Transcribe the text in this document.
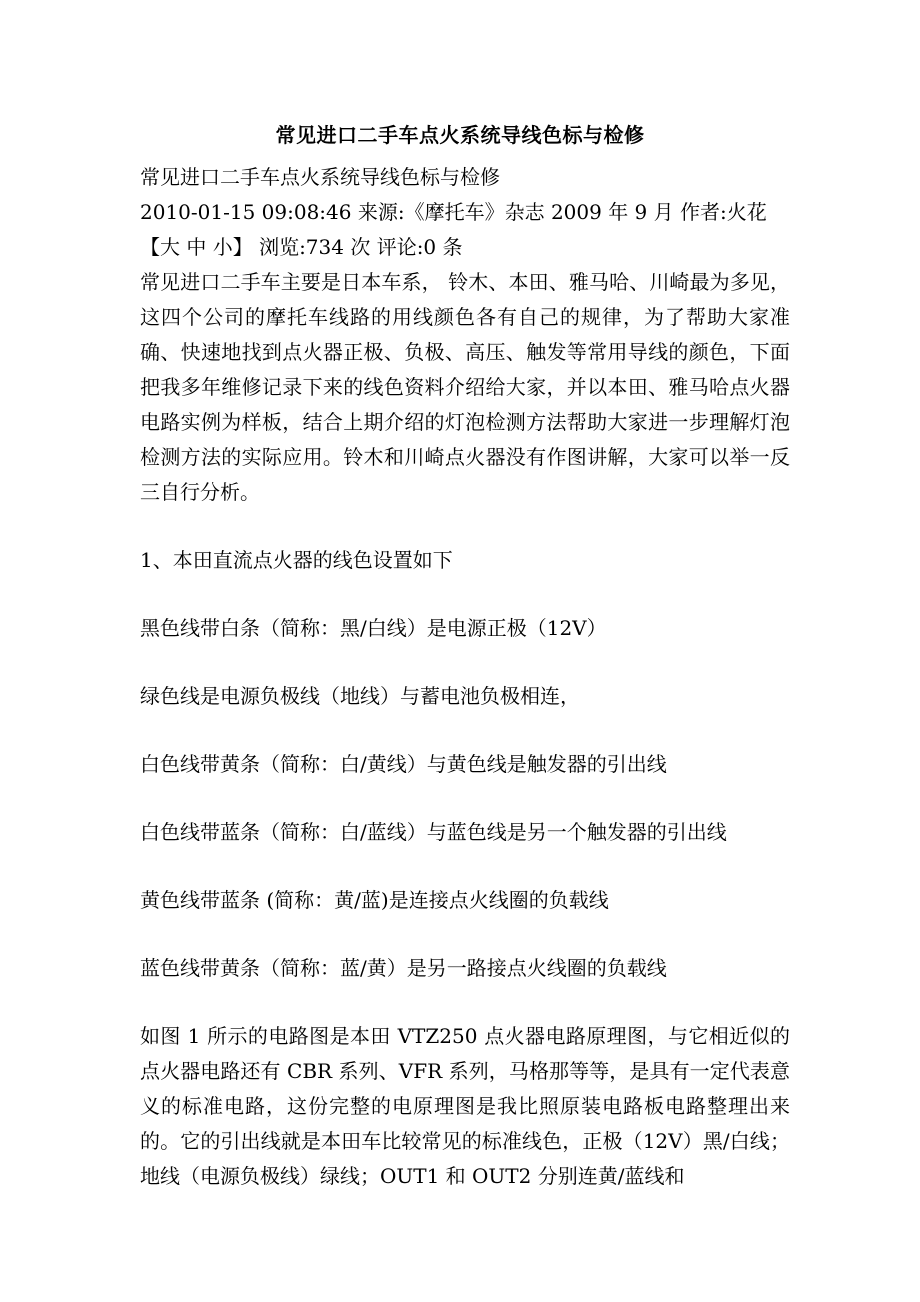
常见进口二手车点火系统导线色标与检修

常见进口二手车点火系统导线色标与检修

2010-01-15 09:08:46 来源:《摩托车》杂志 2009 年 9 月 作者:火花

【大 中 小】 浏览:734 次 评论:0 条

常见进口二手车主要是日本车系， 铃木、本田、雅马哈、川崎最为多见，这四个公司的摩托车线路的用线颜色各有自己的规律，为了帮助大家准确、快速地找到点火器正极、负极、高压、触发等常用导线的颜色，下面把我多年维修记录下来的线色资料介绍给大家，并以本田、雅马哈点火器电路实例为样板，结合上期介绍的灯泡检测方法帮助大家进一步理解灯泡检测方法的实际应用。铃木和川崎点火器没有作图讲解，大家可以举一反三自行分析。

1、本田直流点火器的线色设置如下

黑色线带白条（简称：黑/白线）是电源正极（12V）

绿色线是电源负极线（地线）与蓄电池负极相连，

白色线带黄条（简称：白/黄线）与黄色线是触发器的引出线

白色线带蓝条（简称：白/蓝线）与蓝色线是另一个触发器的引出线

黄色线带蓝条 (简称：黄/蓝)是连接点火线圈的负载线

蓝色线带黄条（简称：蓝/黄）是另一路接点火线圈的负载线

如图 1 所示的电路图是本田 VTZ250 点火器电路原理图，与它相近似的点火器电路还有 CBR 系列、VFR 系列，马格那等等，是具有一定代表意义的标准电路，这份完整的电原理图是我比照原装电路板电路整理出来的。它的引出线就是本田车比较常见的标准线色，正极（12V）黑/白线；地线（电源负极线）绿线；OUT1 和 OUT2 分别连黄/蓝线和
